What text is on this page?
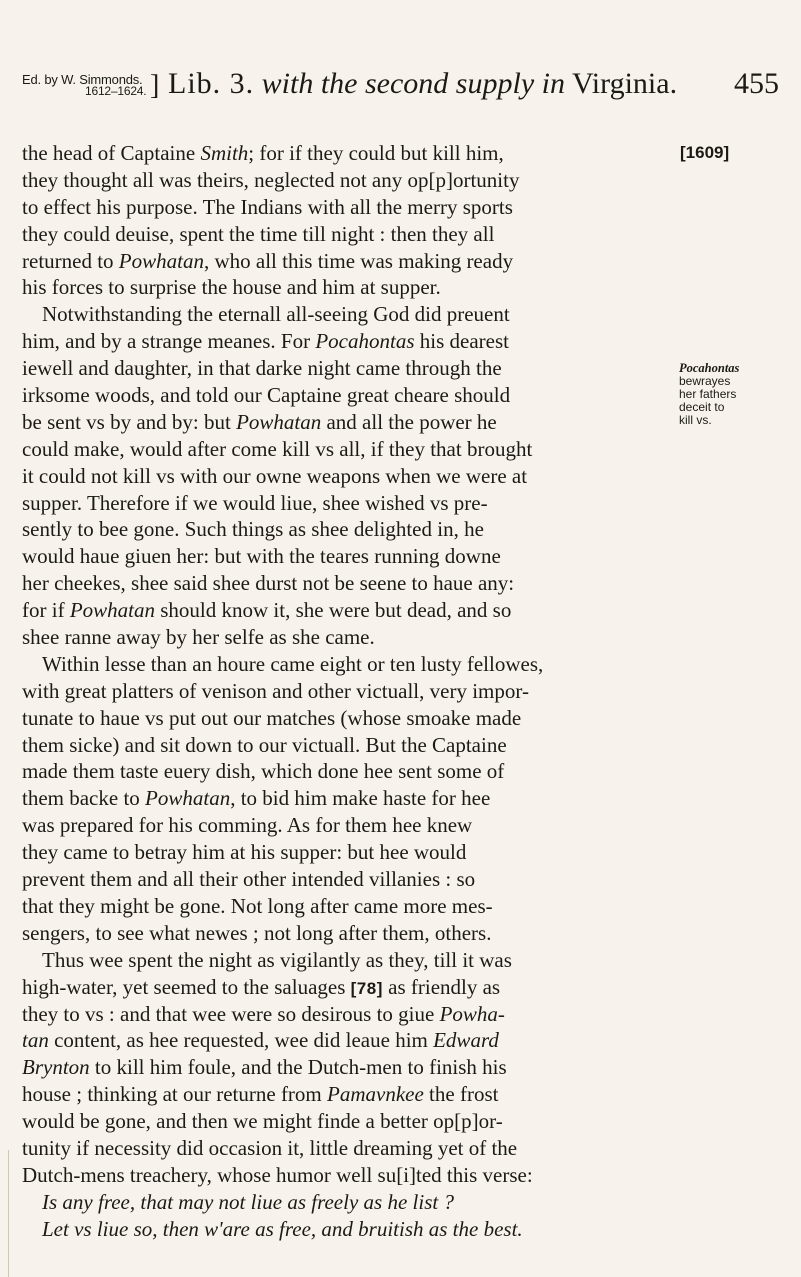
Ed. by W. Simmonds.
1612–1624. ] Lib. 3. with the second supply in Virginia. 455
[1609]
Pocahontas
bewrayes
her fathers
deceit to
kill vs.
the head of Captaine Smith; for if they could but kill him,
they thought all was theirs, neglected not any op[p]ortunity
to effect his purpose. The Indians with all the merry sports
they could deuise, spent the time till night : then they all
returned to Powhatan, who all this time was making ready
his forces to surprise the house and him at supper.
Notwithstanding the eternall all-seeing God did preuent
him, and by a strange meanes. For Pocahontas his dearest
iewell and daughter, in that darke night came through the
irksome woods, and told our Captaine great cheare should
be sent vs by and by: but Powhatan and all the power he
could make, would after come kill vs all, if they that brought
it could not kill vs with our owne weapons when we were at
supper. Therefore if we would liue, shee wished vs pre-
sently to bee gone. Such things as shee delighted in, he
would haue giuen her: but with the teares running downe
her cheekes, shee said shee durst not be seene to haue any:
for if Powhatan should know it, she were but dead, and so
shee ranne away by her selfe as she came.
Within lesse than an houre came eight or ten lusty fellowes,
with great platters of venison and other victuall, very impor-
tunate to haue vs put out our matches (whose smoake made
them sicke) and sit down to our victuall. But the Captaine
made them taste euery dish, which done hee sent some of
them backe to Powhatan, to bid him make haste for hee
was prepared for his comming. As for them hee knew
they came to betray him at his supper: but hee would
prevent them and all their other intended villanies : so
that they might be gone. Not long after came more mes-
sengers, to see what newes ; not long after them, others.
Thus wee spent the night as vigilantly as they, till it was
high-water, yet seemed to the saluages [78] as friendly as
they to vs : and that wee were so desirous to giue Powha-
tan content, as hee requested, wee did leaue him Edward
Brynton to kill him foule, and the Dutch-men to finish his
house ; thinking at our returne from Pamavnkee the frost
would be gone, and then we might finde a better op[p]or-
tunity if necessity did occasion it, little dreaming yet of the
Dutch-mens treachery, whose humor well su[i]ted this verse:
Is any free, that may not liue as freely as he list ?
Let vs liue so, then w'are as free, and bruitish as the best.
